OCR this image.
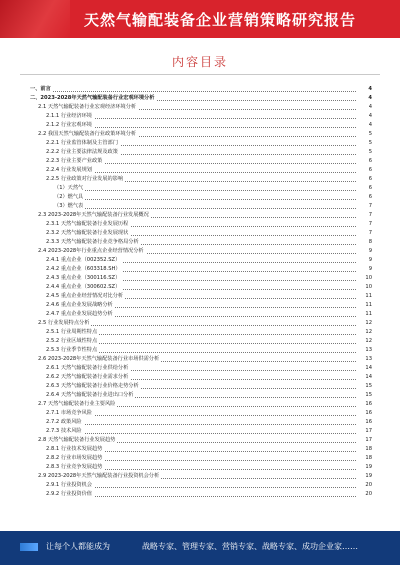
天然气输配装备企业营销策略研究报告
内容目录
一、前言	4
二、2023-2028年天然气输配装备行业宏观环境分析	4
2.1 天然气输配装备行业宏观经济环境分析	4
2.1.1 行业经济环境	4
2.1.2 行业宏观环境	4
2.2 我国天然气输配装备行业政策环境分析	5
2.2.1 行业监管体制及主管部门	5
2.2.2 行业主要法律法规及政策	5
2.2.3 行业主要产业政策	6
2.2.4 行业发展规划	6
2.2.5 行业政策对行业发展的影响	6
（1）天然气	6
（2）燃气具	6
（3）燃气表	7
2.3 2023-2028年天然气输配装备行业发展概况	7
2.3.1 天然气输配装备行业发展历程	7
2.3.2 天然气输配装备行业发展现状	7
2.3.3 天然气输配装备行业竞争格局分析	8
2.4 2023-2028年行业重点企业经营情况分析	9
2.4.1 重点企业（002352.SZ）	9
2.4.2 重点企业（603318.SH）	9
2.4.3 重点企业（300116.SZ）	10
2.4.4 重点企业（300602.SZ）	10
2.4.5 重点企业经营情况对比分析	11
2.4.6 重点企业发展战略分析	11
2.4.7 重点企业发展趋势分析	11
2.5 行业发展特点分析	12
2.5.1 行业周期性特点	12
2.5.2 行业区域性特点	12
2.5.3 行业季节性特点	13
2.6 2023-2028年天然气输配装备行业市场供需分析	13
2.6.1 天然气输配装备行业供给分析	14
2.6.2 天然气输配装备行业需求分析	14
2.6.3 天然气输配装备行业价格走势分析	15
2.6.4 天然气输配装备行业进出口分析	15
2.7 天然气输配装备行业主要风险	16
2.7.1 市场竞争风险	16
2.7.2 政策风险	16
2.7.3 技术风险	17
2.8 天然气输配装备行业发展趋势	17
2.8.1 行业技术发展趋势	18
2.8.2 行业市场发展趋势	18
2.8.3 行业竞争发展趋势	19
2.9 2023-2028年天然气输配装备行业投资机会分析	19
2.9.1 行业投资机会	20
2.9.2 行业投资价值	20
让每个人都能成为	战略专家、管理专家、营销专家、战略专家、成功企业家……
